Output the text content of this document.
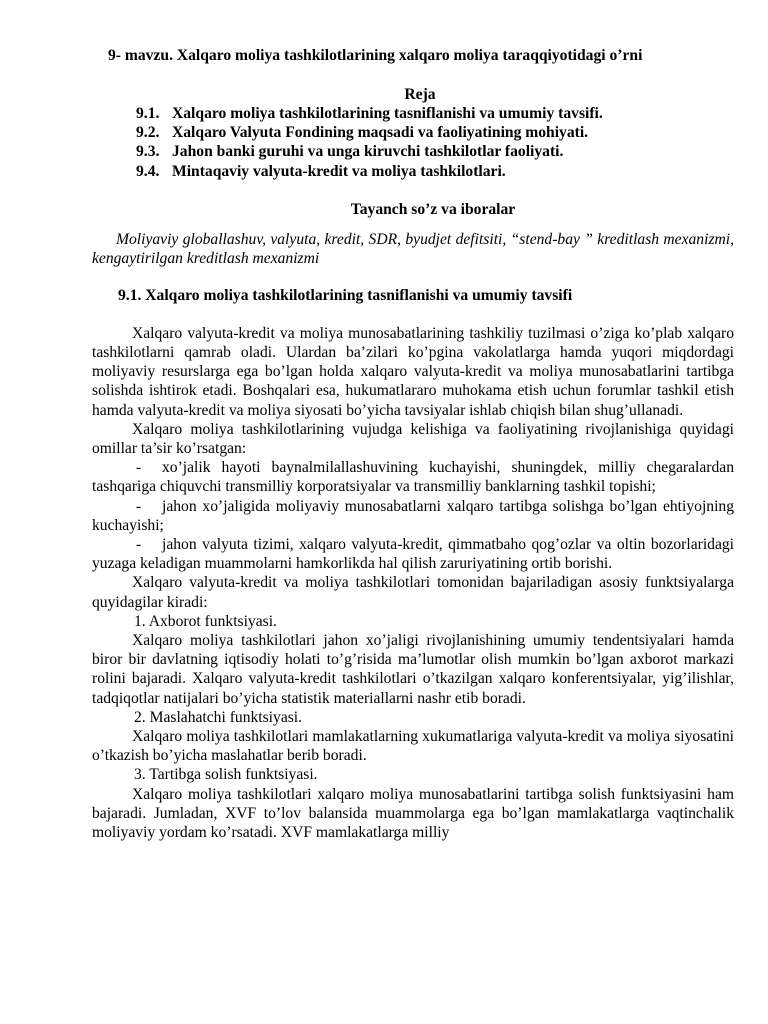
9- mavzu. Xalqaro moliya tashkilotlarining xalqaro moliya taraqqiyotidagi o’rni
Reja
9.1. Xalqaro moliya tashkilotlarining tasniflanishi va umumiy tavsifi.
9.2. Xalqaro Valyuta Fondining maqsadi va faoliyatining mohiyati.
9.3. Jahon banki guruhi va unga kiruvchi tashkilotlar faoliyati.
9.4. Mintaqaviy valyuta-kredit va moliya tashkilotlari.
Tayanch so’z va iboralar

Moliyaviy globallashuv, valyuta, kredit, SDR, byudjet defitsiti, “stend-bay ” kreditlash mexanizmi, kengaytirilgan kreditlash mexanizmi

9.1. Xalqaro moliya tashkilotlarining tasniflanishi va umumiy tavsifi

Xalqaro valyuta-kredit va moliya munosabatlarining tashkiliy tuzilmasi o’ziga ko’plab xalqaro tashkilotlarni qamrab oladi. Ulardan ba’zilari ko’pgina vakolatlarga hamda yuqori miqdordagi moliyaviy resurslarga ega bo’lgan holda xalqaro valyuta-kredit va moliya munosabatlarini tartibga solishda ishtirok etadi. Boshqalari esa, hukumatlararo muhokama etish uchun forumlar tashkil etish hamda valyuta-kredit va moliya siyosati bo’yicha tavsiyalar ishlab chiqish bilan shug’ullanadi.

Xalqaro moliya tashkilotlarining vujudga kelishiga va faoliyatining rivojlanishiga quyidagi omillar ta’sir ko’rsatgan:

- xo’jalik hayoti baynalmilallashuvining kuchayishi, shuningdek, milliy chegaralardan tashqariga chiquvchi transmilliy korporatsiyalar va transmilliy banklarning tashkil topishi;

- jahon xo’jaligida moliyaviy munosabatlarni xalqaro tartibga solishga bo’lgan ehtiyojning kuchayishi;

- jahon valyuta tizimi, xalqaro valyuta-kredit, qimmatbaho qog’ozlar va oltin bozorlaridagi yuzaga keladigan muammolarni hamkorlikda hal qilish zaruriyatining ortib borishi.

Xalqaro valyuta-kredit va moliya tashkilotlari tomonidan bajariladigan asosiy funktsiyalarga quyidagilar kiradi:

1. Axborot funktsiyasi.

Xalqaro moliya tashkilotlari jahon xo’jaligi rivojlanishining umumiy tendentsiyalari hamda biror bir davlatning iqtisodiy holati to’g’risida ma’lumotlar olish mumkin bo’lgan axborot markazi rolini bajaradi. Xalqaro valyuta-kredit tashkilotlari o’tkazilgan xalqaro konferentsiyalar, yig’ilishlar, tadqiqotlar natijalari bo’yicha statistik materiallarni nashr etib boradi.

2. Maslahatchi funktsiyasi.

Xalqaro moliya tashkilotlari mamlakatlarning xukumatlariga valyuta-kredit va moliya siyosatini o’tkazish bo’yicha maslahatlar berib boradi.

3. Tartibga solish funktsiyasi.

Xalqaro moliya tashkilotlari xalqaro moliya munosabatlarini tartibga solish funktsiyasini ham bajaradi. Jumladan, XVF to’lov balansida muammolarga ega bo’lgan mamlakatlarga vaqtinchalik moliyaviy yordam ko’rsatadi. XVF mamlakatlarga milliy
